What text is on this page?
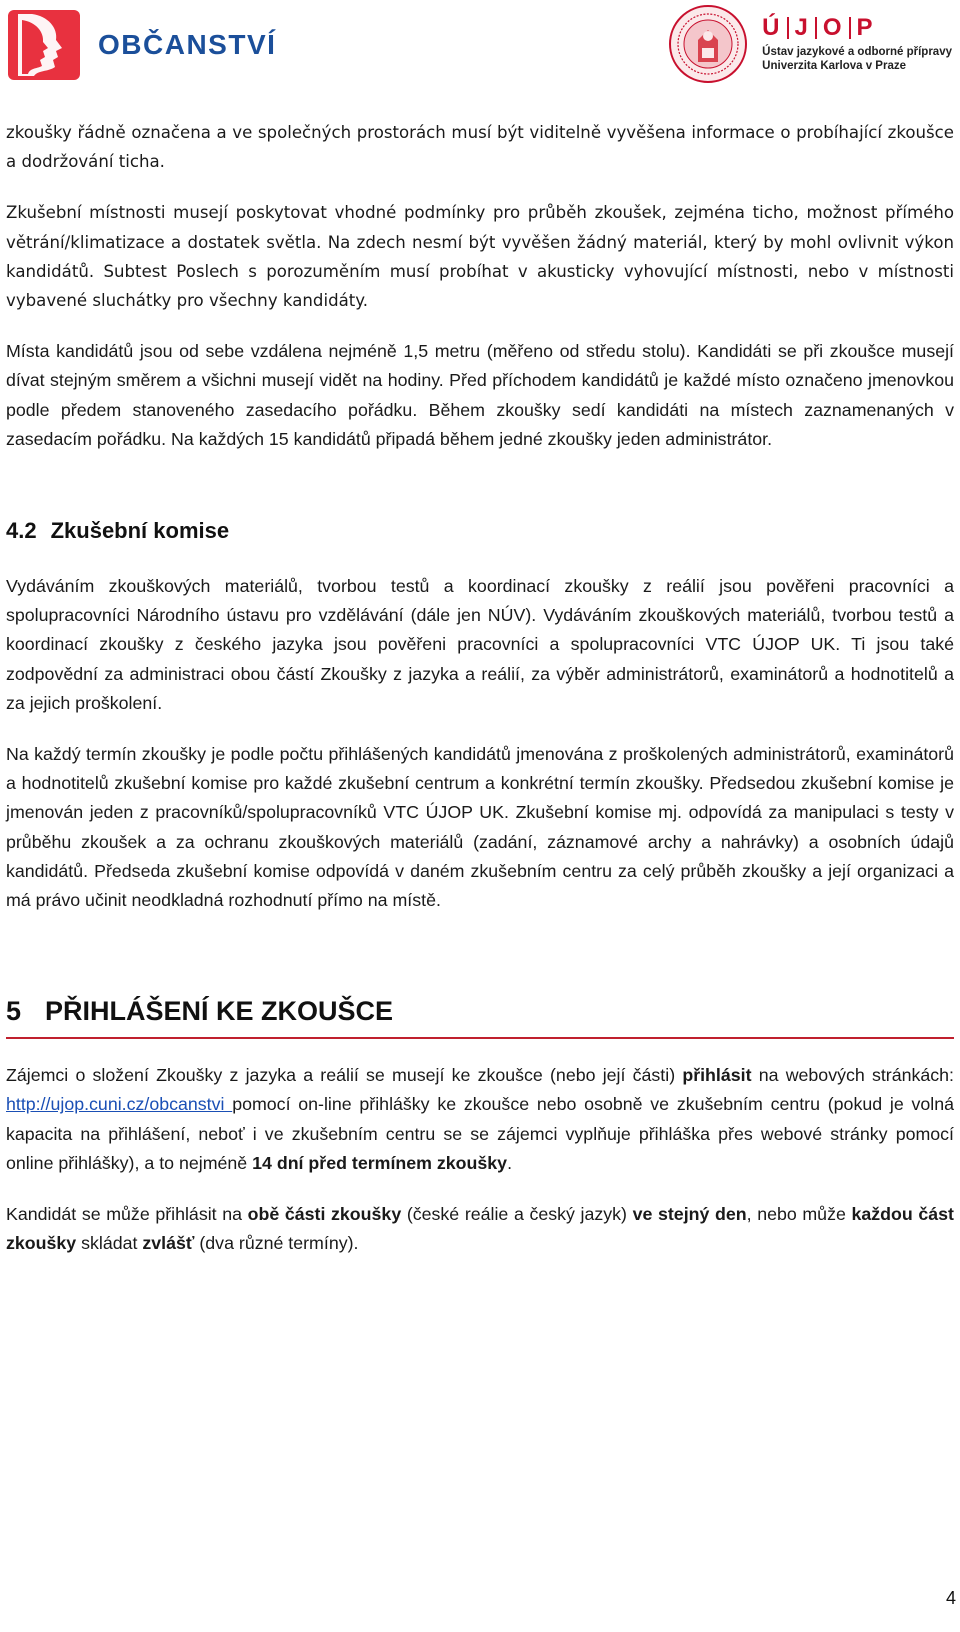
OBČANSTVÍ
Ú J O P
Ústav jazykové a odborné přípravy
Univerzita Karlova v Praze

zkoušky řádně označena a ve společných prostorách musí být viditelně vyvěšena informace o probíhající zkoušce a dodržování ticha.

Zkušební místnosti musejí poskytovat vhodné podmínky pro průběh zkoušek, zejména ticho, možnost přímého větrání/klimatizace a dostatek světla. Na zdech nesmí být vyvěšen žádný materiál, který by mohl ovlivnit výkon kandidátů. Subtest Poslech s porozuměním musí probíhat v akusticky vyhovující místnosti, nebo v místnosti vybavené sluchátky pro všechny kandidáty.

Místa kandidátů jsou od sebe vzdálena nejméně 1,5 metru (měřeno od středu stolu). Kandidáti se při zkoušce musejí dívat stejným směrem a všichni musejí vidět na hodiny. Před příchodem kandidátů je každé místo označeno jmenovkou podle předem stanoveného zasedacího pořádku. Během zkoušky sedí kandidáti na místech zaznamenaných v zasedacím pořádku. Na každých 15 kandidátů připadá během jedné zkoušky jeden administrátor.

4.2 Zkušební komise

Vydáváním zkouškových materiálů, tvorbou testů a koordinací zkoušky z reálií jsou pověřeni pracovníci a spolupracovníci Národního ústavu pro vzdělávání (dále jen NÚV). Vydáváním zkouškových materiálů, tvorbou testů a koordinací zkoušky z českého jazyka jsou pověřeni pracovníci a spolupracovníci VTC ÚJOP UK. Ti jsou také zodpovědní za administraci obou částí Zkoušky z jazyka a reálií, za výběr administrátorů, examinátorů a hodnotitelů a za jejich proškolení.

Na každý termín zkoušky je podle počtu přihlášených kandidátů jmenována z proškolených administrátorů, examinátorů a hodnotitelů zkušební komise pro každé zkušební centrum a konkrétní termín zkoušky. Předsedou zkušební komise je jmenován jeden z pracovníků/spolupracovníků VTC ÚJOP UK. Zkušební komise mj. odpovídá za manipulaci s testy v průběhu zkoušek a za ochranu zkouškových materiálů (zadání, záznamové archy a nahrávky) a osobních údajů kandidátů. Předseda zkušební komise odpovídá v daném zkušebním centru za celý průběh zkoušky a její organizaci a má právo učinit neodkladná rozhodnutí přímo na místě.

5 PŘIHLÁŠENÍ KE ZKOUŠCE

Zájemci o složení Zkoušky z jazyka a reálií se musejí ke zkoušce (nebo její části) přihlásit na webových stránkách: http://ujop.cuni.cz/obcanstvi pomocí on-line přihlášky ke zkoušce nebo osobně ve zkušebním centru (pokud je volná kapacita na přihlášení, neboť i ve zkušebním centru se se zájemci vyplňuje přihláška přes webové stránky pomocí online přihlášky), a to nejméně 14 dní před termínem zkoušky.

Kandidát se může přihlásit na obě části zkoušky (české reálie a český jazyk) ve stejný den, nebo může každou část zkoušky skládat zvlášť (dva různé termíny).

4
